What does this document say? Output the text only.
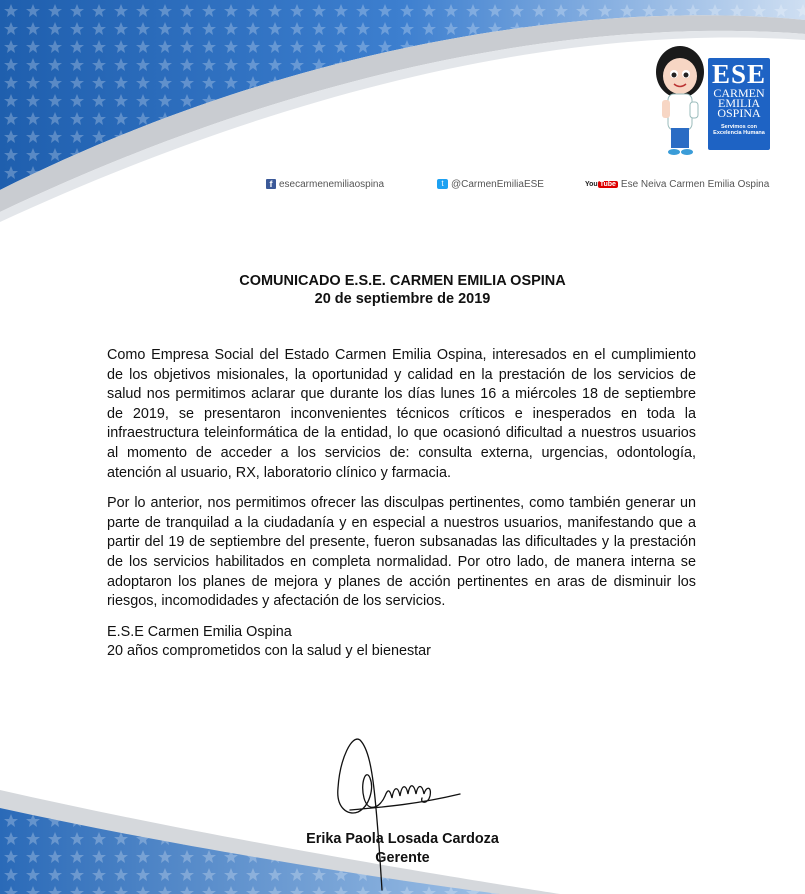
ESE
CARMEN
EMILIA
OSPINA
Servimos con Excelencia Humana
f esecarmenemiliaospina	t @CarmenEmiliaESE	You Tube Ese Neiva Carmen Emilia Ospina
COMUNICADO E.S.E. CARMEN EMILIA OSPINA
20 de septiembre de 2019

Como Empresa Social del Estado Carmen Emilia Ospina, interesados en el cumplimiento de los objetivos misionales, la oportunidad y calidad en la prestación de los servicios de salud nos permitimos aclarar que durante los días lunes 16 a miércoles 18 de septiembre de 2019, se presentaron inconvenientes técnicos críticos e inesperados en toda la infraestructura teleinformática de la entidad, lo que ocasionó dificultad a nuestros usuarios al momento de acceder a los servicios de: consulta externa, urgencias, odontología, atención al usuario, RX, laboratorio clínico y farmacia.

Por lo anterior, nos permitimos ofrecer las disculpas pertinentes, como también generar un parte de tranquilad a la ciudadanía y en especial a nuestros usuarios, manifestando que a partir del 19 de septiembre del presente, fueron subsanadas las dificultades y la prestación de los servicios habilitados en completa normalidad. Por otro lado, de manera interna se adoptaron los planes de mejora y planes de acción pertinentes en aras de disminuir los riesgos, incomodidades y afectación de los servicios.

E.S.E Carmen Emilia Ospina
20 años comprometidos con la salud y el bienestar
Erika Paola Losada Cardoza
Gerente
